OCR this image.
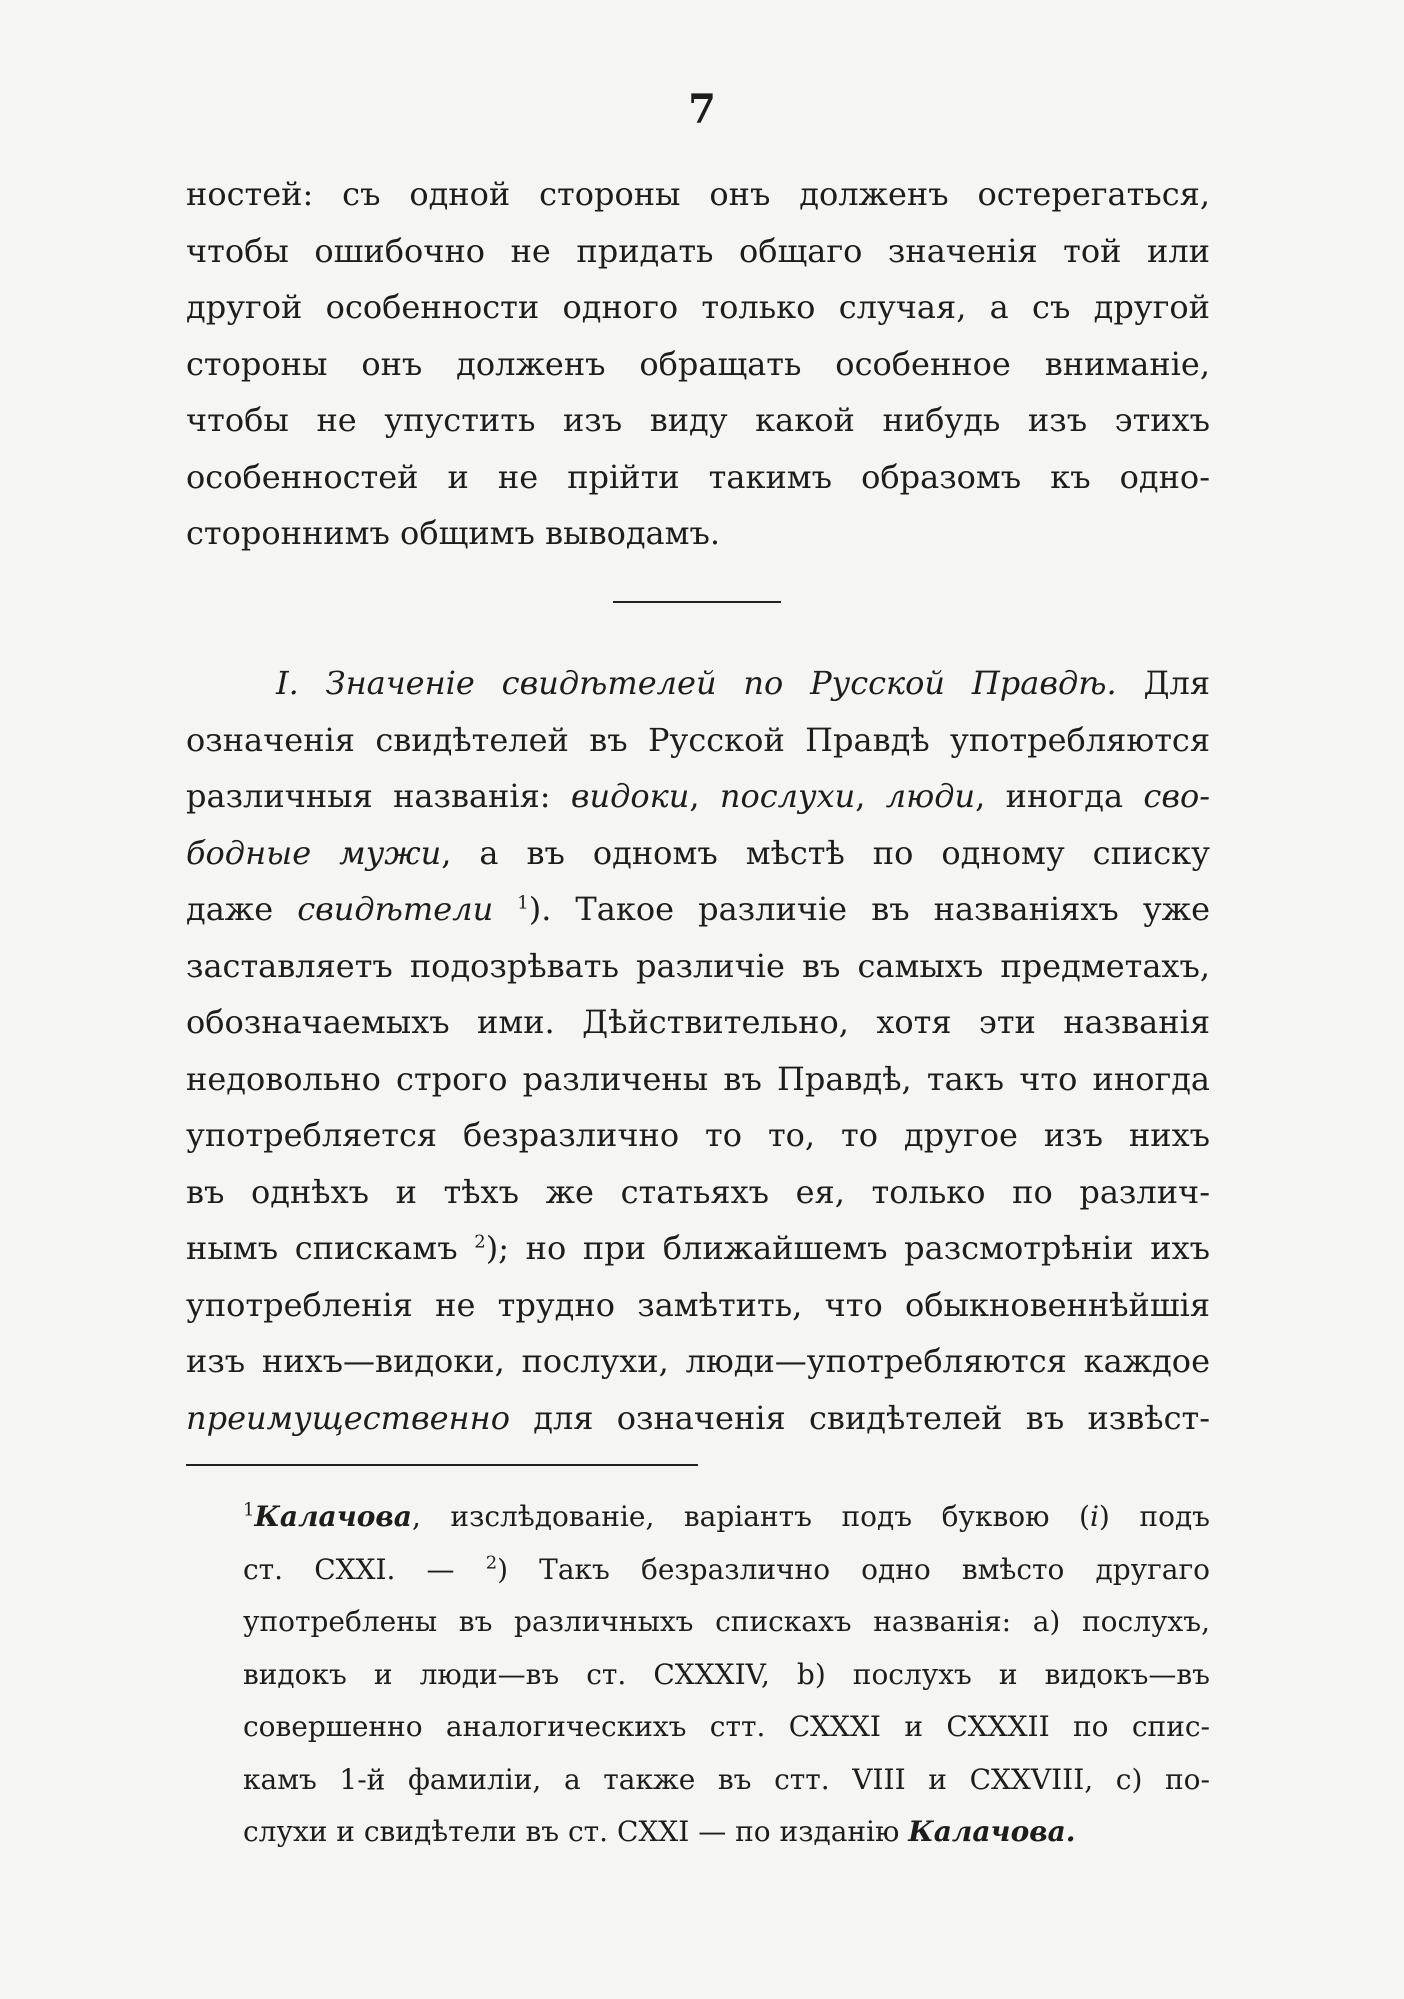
7
ностей: съ одной стороны онъ долженъ остерегаться,
чтобы ошибочно не придать общаго значенія той или
другой особенности одного только случая, а съ другой
стороны онъ долженъ обращать особенное вниманіе,
чтобы не упустить изъ виду какой нибудь изъ этихъ
особенностей и не прійти такимъ образомъ къ одно-
стороннимъ общимъ выводамъ.
I. Значеніе свидѣтелей по Русской Правдѣ. Для
означенія свидѣтелей въ Русской Правдѣ употребляются
различныя названія: видоки, послухи, люди, иногда сво-
бодные мужи, а въ одномъ мѣстѣ по одному списку
даже свидѣтели $^1$). Такое различіе въ названіяхъ уже
заставляетъ подозрѣвать различіе въ самыхъ предметахъ,
обозначаемыхъ ими. Дѣйствительно, хотя эти названія
недовольно строго различены въ Правдѣ, такъ что иногда
употребляется безразлично то то, то другое изъ нихъ
въ однѣхъ и тѣхъ же статьяхъ ея, только по различ-
нымъ спискамъ $^2$); но при ближайшемъ разсмотрѣніи ихъ
употребленія не трудно замѣтить, что обыкновеннѣйшія
изъ нихъ—видоки, послухи, люди—употребляются каждое
преимущественно для означенія свидѣтелей въ извѣст-
$^1$Калачова, изслѣдованіе, варіантъ подъ буквою (i) подъ
ст. CXXI. — $^2$) Такъ безразлично одно вмѣсто другаго
употреблены въ различныхъ спискахъ названія: a) послухъ,
видокъ и люди—въ ст. CXXXIV, b) послухъ и видокъ—въ
совершенно аналогическихъ стт. CXXXI и CXXXII по спис-
камъ 1-й фамиліи, а также въ стт. VIII и CXXVIII, c) по-
слухи и свидѣтели въ ст. CXXI — по изданію Калачова.
